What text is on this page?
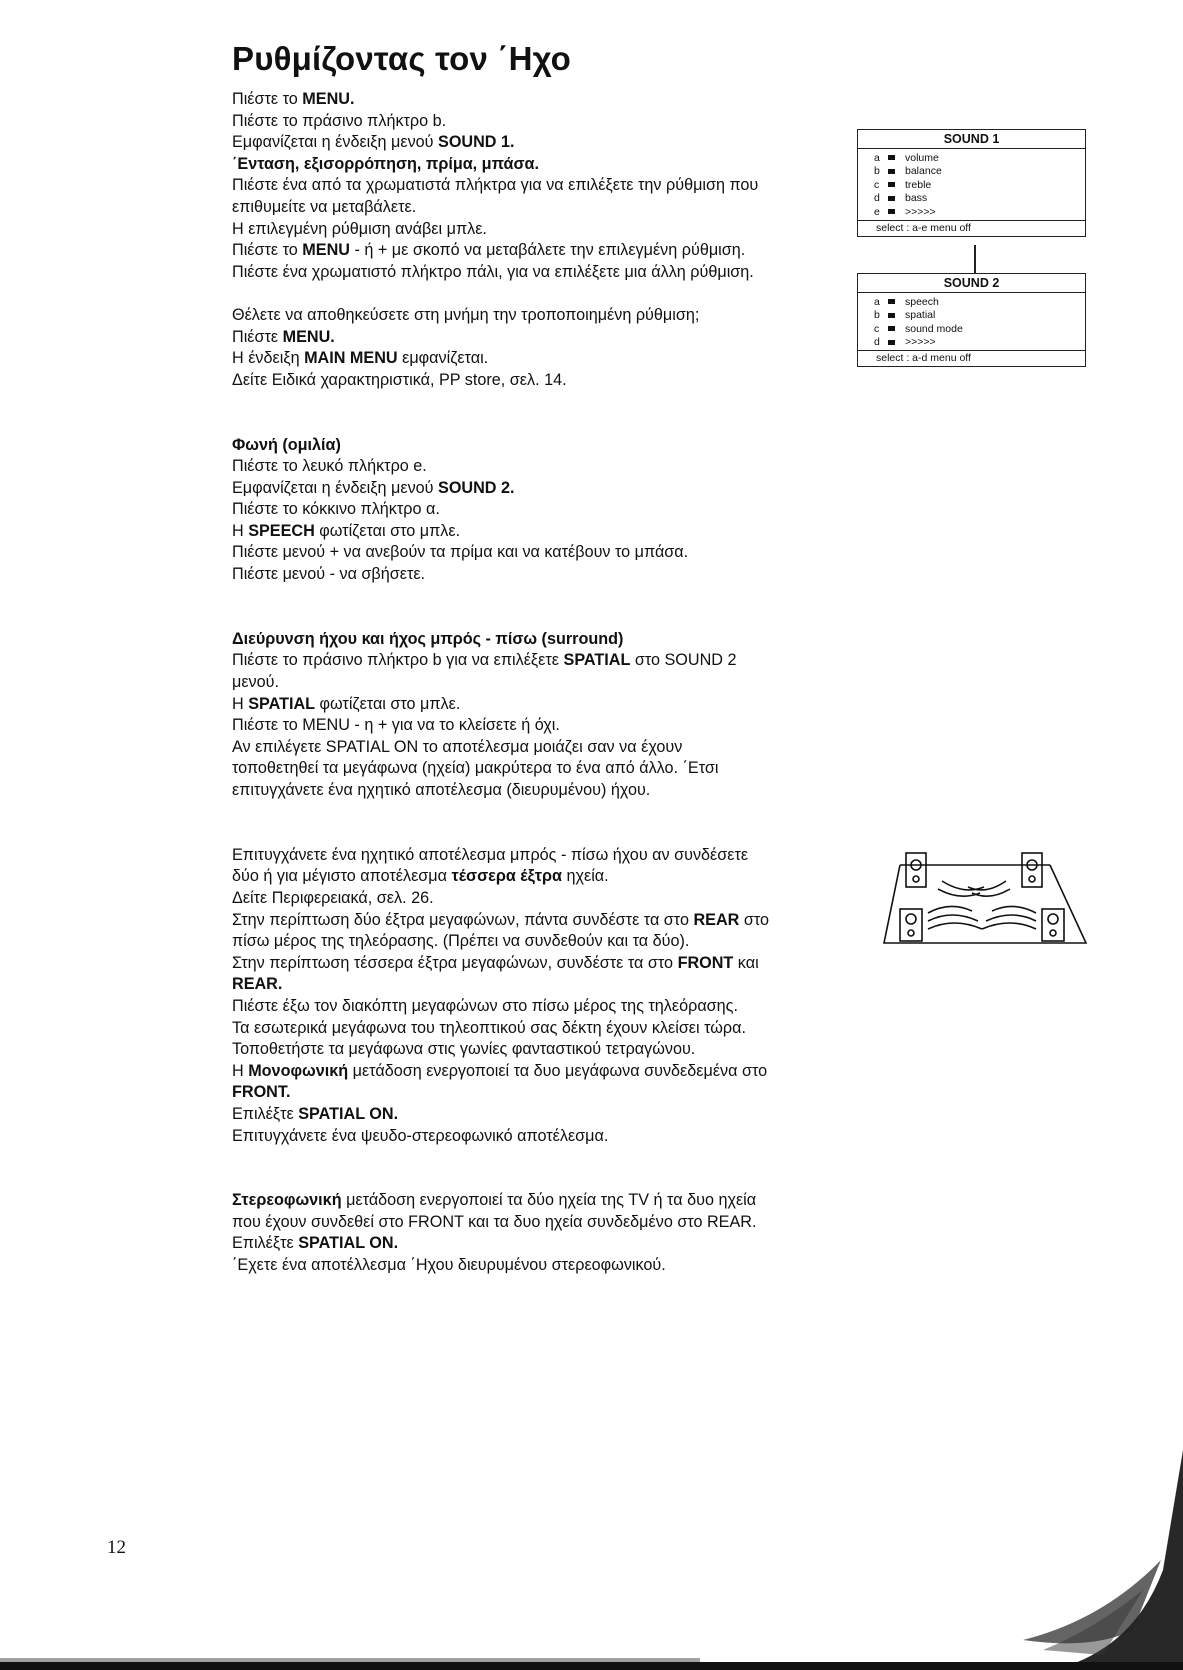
Ρυθμίζοντας τον ΄Ηχο
Πιέστε το MENU.
Πιέστε το πράσινο πλήκτρο b.
Εμφανίζεται η ένδειξη μενού SOUND 1.
΄Ενταση, εξισορρόπηση, πρίμα, μπάσα.
Πιέστε ένα από τα χρωματιστά πλήκτρα για να επιλέξετε την ρύθμιση που
επιθυμείτε να μεταβάλετε.
Η επιλεγμένη ρύθμιση ανάβει μπλε.
Πιέστε το MENU - ή + με σκοπό να μεταβάλετε την επιλεγμένη ρύθμιση.
Πιέστε ένα χρωματιστό πλήκτρο πάλι, για να επιλέξετε μια άλλη ρύθμιση.
Θέλετε να αποθηκεύσετε στη μνήμη την τροποποιημένη ρύθμιση;
Πιέστε MENU.
Η ένδειξη MAIN MENU εμφανίζεται.
Δείτε Ειδικά χαρακτηριστικά, PP store, σελ. 14.
Φωνή (ομιλία)
Πιέστε το λευκό πλήκτρο e.
Εμφανίζεται η ένδειξη μενού SOUND 2.
Πιέστε το κόκκινο πλήκτρο α.
Η SPEECH φωτίζεται στο μπλε.
Πιέστε μενού + να ανεβούν τα πρίμα και να κατέβουν το μπάσα.
Πιέστε μενού - να σβήσετε.
Διεύρυνση ήχου και ήχος μπρός - πίσω (surround)
Πιέστε το πράσινο πλήκτρο b για να επιλέξετε SPATIAL στο SOUND 2
μενού.
Η SPATIAL φωτίζεται στο μπλε.
Πιέστε το MENU - η + για να το κλείσετε ή όχι.
Αν επιλέγετε SPATIAL ON το αποτέλεσμα μοιάζει σαν να έχουν
τοποθετηθεί τα μεγάφωνα (ηχεία) μακρύτερα το ένα από άλλο. ΄Ετσι
επιτυγχάνετε ένα ηχητικό αποτέλεσμα (διευρυμένου) ήχου.
Επιτυγχάνετε ένα ηχητικό αποτέλεσμα μπρός - πίσω ήχου αν συνδέσετε
δύο ή για μέγιστο αποτέλεσμα τέσσερα έξτρα ηχεία.
Δείτε Περιφερειακά, σελ. 26.
Στην περίπτωση δύο έξτρα μεγαφώνων, πάντα συνδέστε τα στο REAR στο
πίσω μέρος της τηλεόρασης. (Πρέπει να συνδεθούν και τα δύο).
Στην περίπτωση τέσσερα έξτρα μεγαφώνων, συνδέστε τα στο FRONT και
REAR.
Πιέστε έξω τον διακόπτη μεγαφώνων στο πίσω μέρος της τηλεόρασης.
Τα εσωτερικά μεγάφωνα του τηλεοπτικού σας δέκτη έχουν κλείσει τώρα.
Τοποθετήστε τα μεγάφωνα στις γωνίες φανταστικού τετραγώνου.
Η Μονοφωνική μετάδοση ενεργοποιεί τα δυο μεγάφωνα συνδεδεμένα στο
FRONT.
Επιλέξτε SPATIAL ON.
Επιτυγχάνετε ένα ψευδο-στερεοφωνικό αποτέλεσμα.
Στερεοφωνική μετάδοση ενεργοποιεί τα δύο ηχεία της TV ή τα δυο ηχεία
που έχουν συνδεθεί στο FRONT και τα δυο ηχεία συνδεδμένο στο REAR.
Επιλέξτε SPATIAL ON.
΄Εχετε ένα αποτέλλεσμα ΄Ηχου διευρυμένου στερεοφωνικού.
SOUND 1
a	volume
b	balance
c	treble
d	bass
e	>>>>>
select : a-e menu off
SOUND 2
a	speech
b	spatial
c	sound mode
d	>>>>>
select : a-d menu off
12
